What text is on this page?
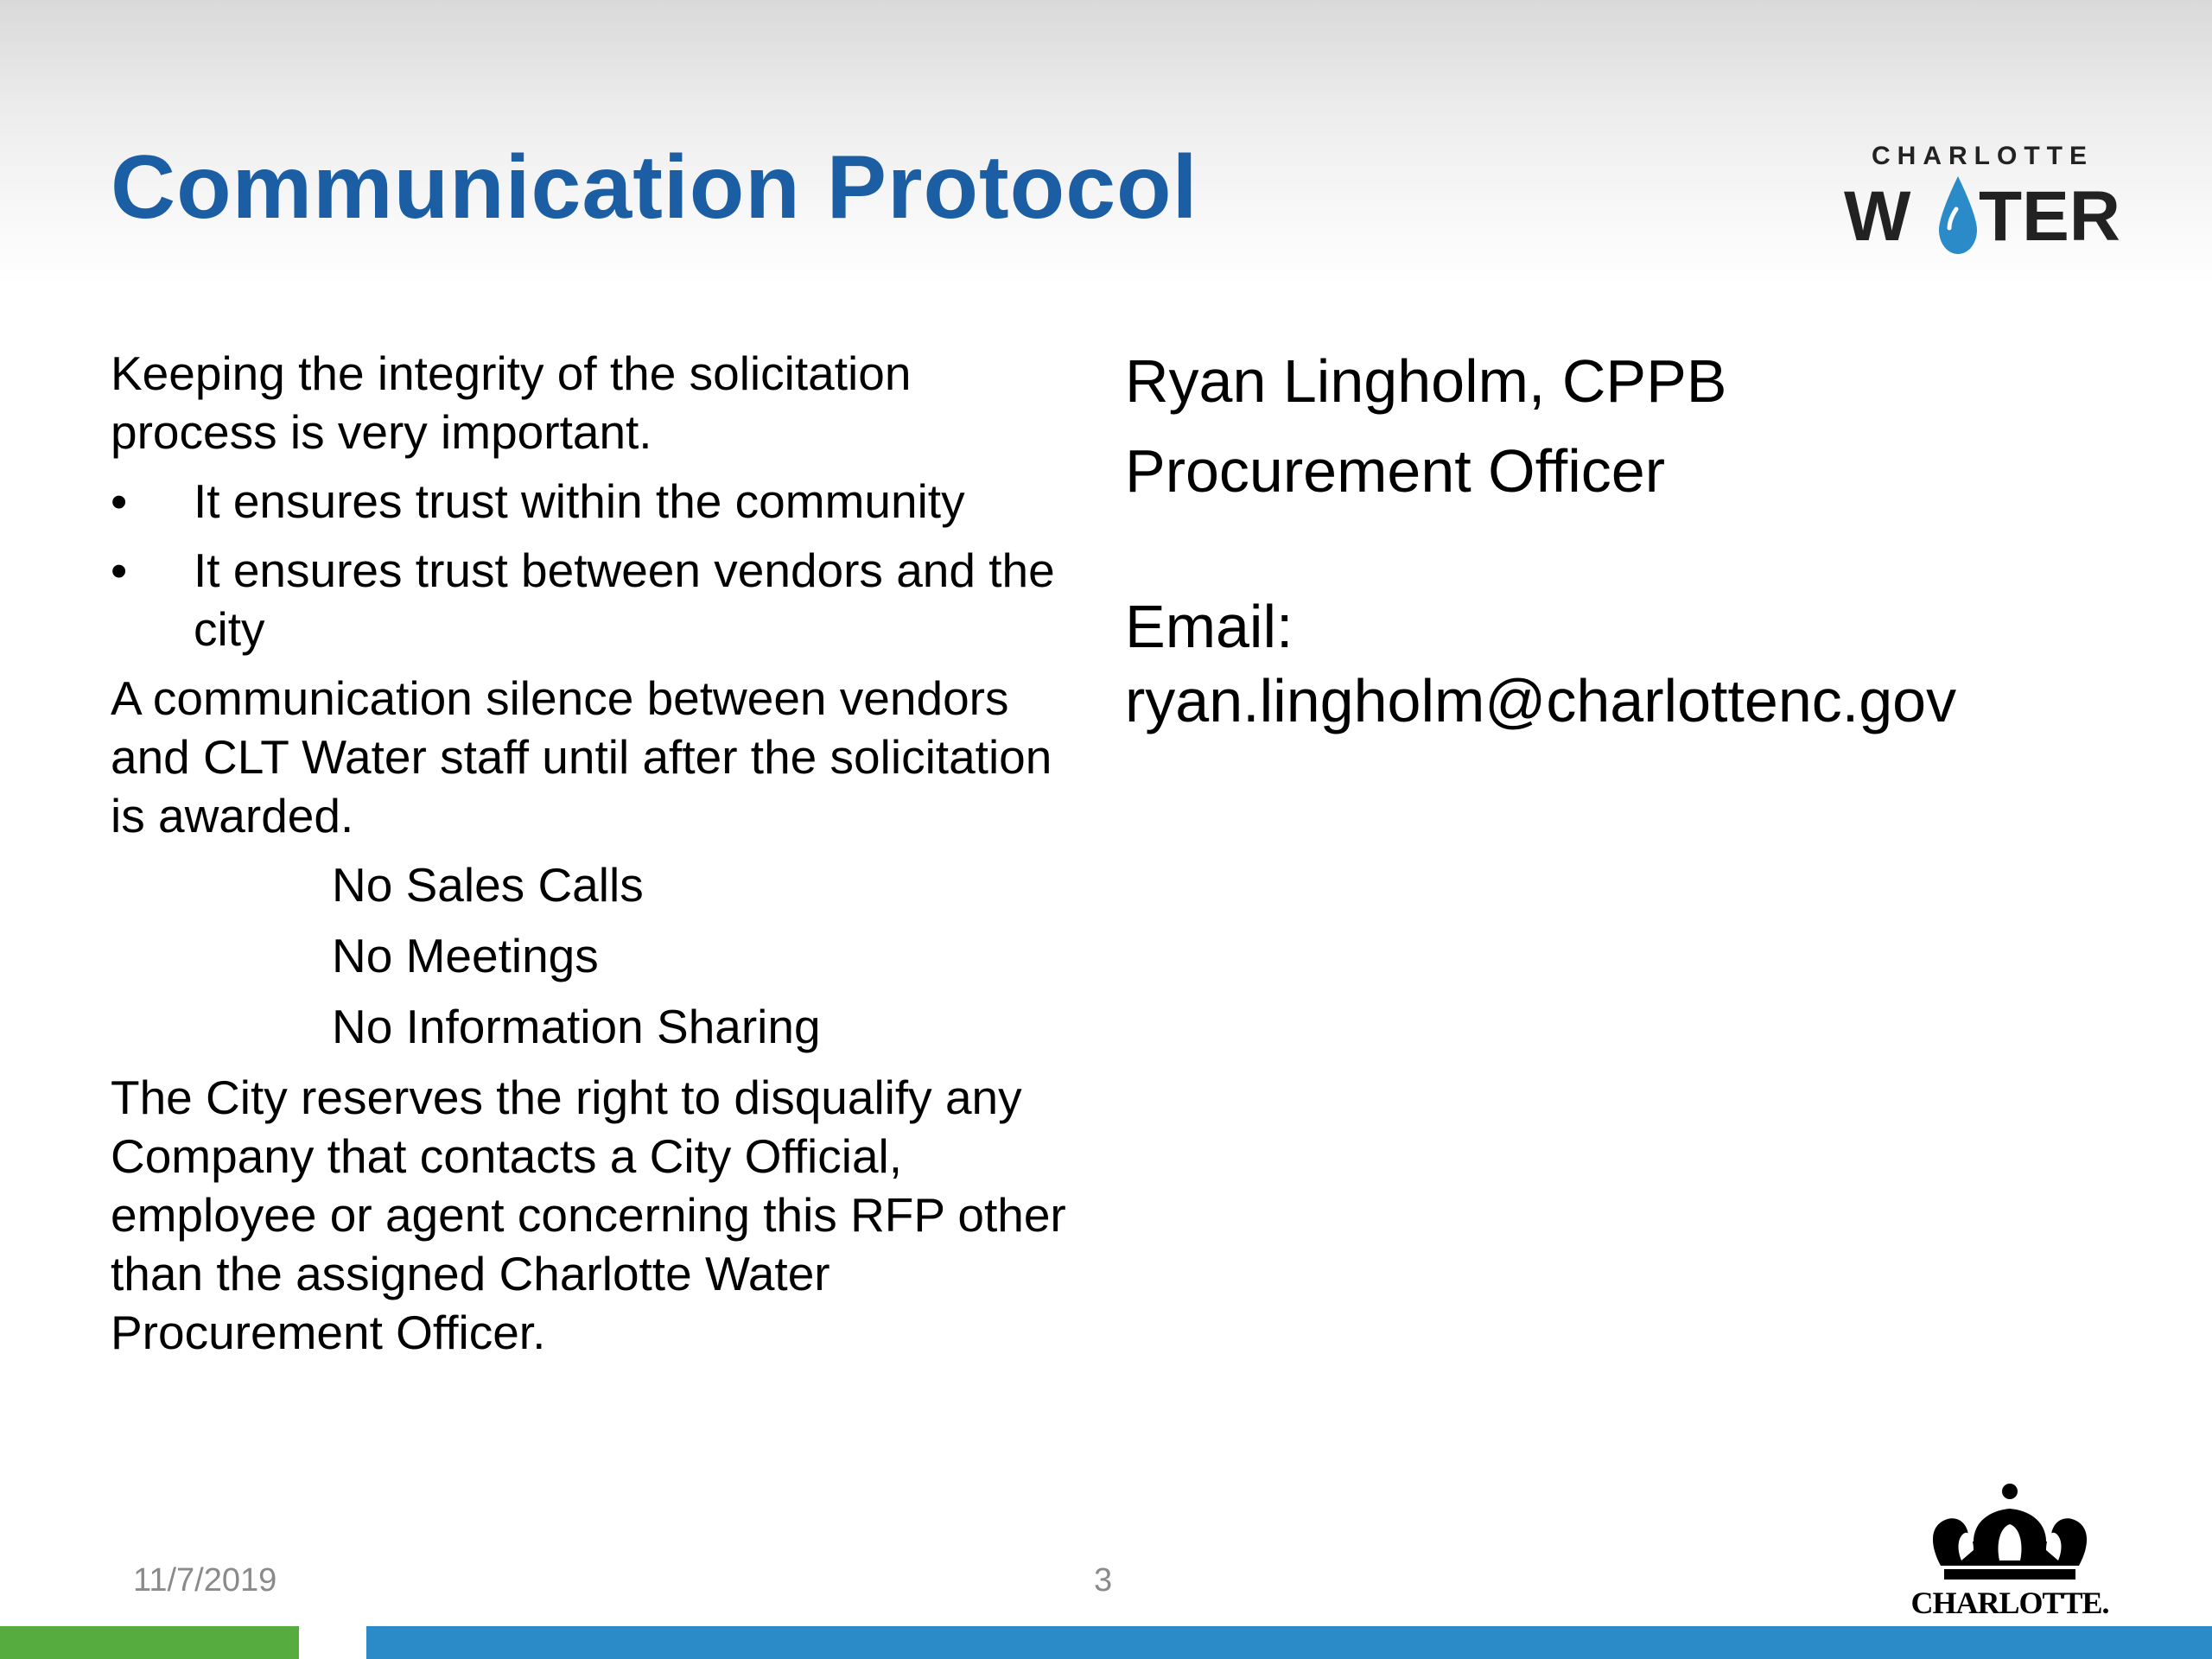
Communication Protocol	CHARLOTTE
W TER

Keeping the integrity of the solicitation process is very important.

• It ensures trust within the community
• It ensures trust between vendors and the city

A communication silence between vendors and CLT Water staff until after the solicitation is awarded.

No Sales Calls

No Meetings

No Information Sharing

The City reserves the right to disqualify any Company that contacts a City Official, employee or agent concerning this RFP other than the assigned Charlotte Water Procurement Officer.

Ryan Lingholm, CPPB

Procurement Officer

Email:
ryan.lingholm@charlottenc.gov
11/7/2019	3
CHARLOTTE.
